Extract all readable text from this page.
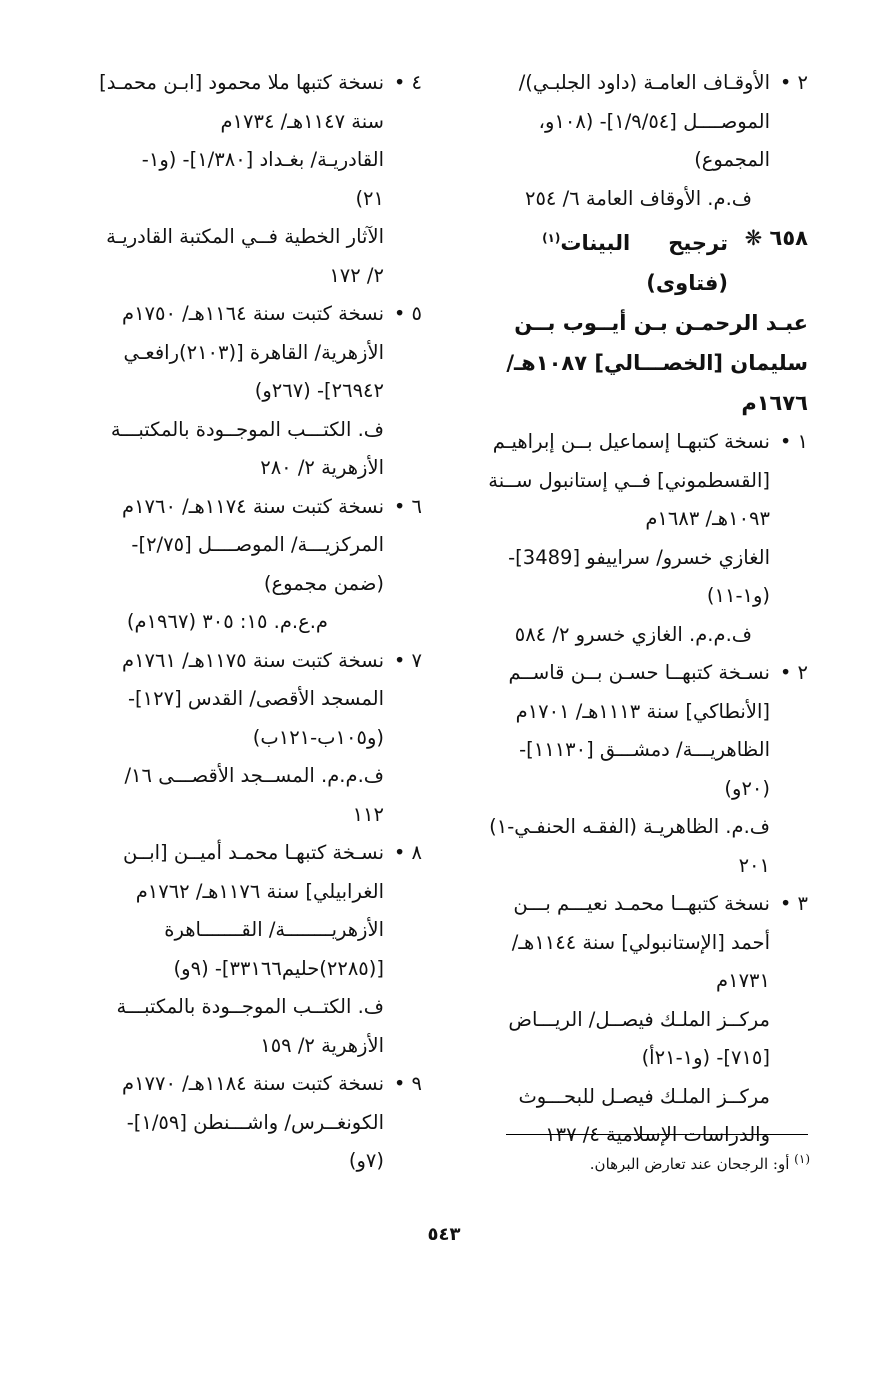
٢ •
الأوقـاف العامـة (داود الجلبـي)/
الموصــــل [١/٩/٥٤]- (١٠٨و،
المجموع)
ف.م. الأوقاف العامة ٦/ ٢٥٤
٦٥٨ ❋
ترجيح البينات$^{(١)}$  (فتاوى)
عبـد الرحمـن بـن أيــوب بــن
سليمان [الخصـــالي] ١٠٨٧هـ/
١٦٧٦م
١ •
نسخة كتبهـا إسماعيل بــن إبراهيـم
[القسطموني] فــي إستانبول ســنة
١٠٩٣هـ/ ١٦٨٣م
الغازي خسرو/ سراييفو [3489]-
(و١-١١)
ف.م.م. الغازي خسرو ٢/ ٥٨٤
٢ •
نسـخة كتبهــا حسـن بــن قاســم
[الأنطاكي] سنة ١١١٣هـ/ ١٧٠١م
الظاهريـــة/ دمشـــق [١١١٣٠]-
(٢٠و)
ف.م. الظاهريـة (الفقـه الحنفـي-١)
٢٠١
٣ •
نسخة كتبهــا محمـد نعيـــم بـــن
أحمد [الإستانبولي] سنة ١١٤٤هـ/
١٧٣١م
مركــز الملـك فيصــل/ الريـــاض
[٧١٥]- (و١-٢١أ)
مركــز الملـك فيصـل للبحـــوث
والدراسات الإسلامية ٤/ ١٣٧
٤ •
نسخة كتبها ملا محمود [ابـن محمـد]
سنة ١١٤٧هـ/ ١٧٣٤م
القادريـة/ بغـداد [١/٣٨٠]- (و١-
٢١)
الآثار الخطية فــي المكتبة القادريـة
٢/ ١٧٢
٥ •
نسخة كتبت سنة ١١٦٤هـ/ ١٧٥٠م
الأزهرية/ القاهرة [(٢١٠٣)رافعـي
٢٦٩٤٢]- (٢٦٧و)
ف. الكتـــب الموجــودة بالمكتبـــة
الأزهرية ٢/ ٢٨٠
٦ •
نسخة كتبت سنة ١١٧٤هـ/ ١٧٦٠م
المركزيـــة/ الموصــــل [٢/٧٥]-
(ضمن مجموع)
م.ع.م. ١٥: ٣٠٥ (١٩٦٧م)
٧ •
نسخة كتبت سنة ١١٧٥هـ/ ١٧٦١م
المسجد الأقصى/ القدس [١٢٧]-
(و١٠٥ب-١٢١ب)
ف.م.م. المســجد الأقصـــى ١٦/
١١٢
٨ •
نسـخة كتبهـا محمـد أميــن [ابــن
الغرابيلي] سنة ١١٧٦هـ/ ١٧٦٢م
الأزهريــــــــة/ القـــــــاهرة
[(٢٢٨٥)حليم٣٣١٦٦]- (٩و)
ف. الكتــب الموجــودة بالمكتبـــة
الأزهرية ٢/ ١٥٩
٩ •
نسخة كتبت سنة ١١٨٤هـ/ ١٧٧٠م
الكونغــرس/ واشـــنطن [١/٥٩]-
(٧و)	$^{(١)}$ أو: الرجحان عند تعارض البرهان.
٥٤٣
